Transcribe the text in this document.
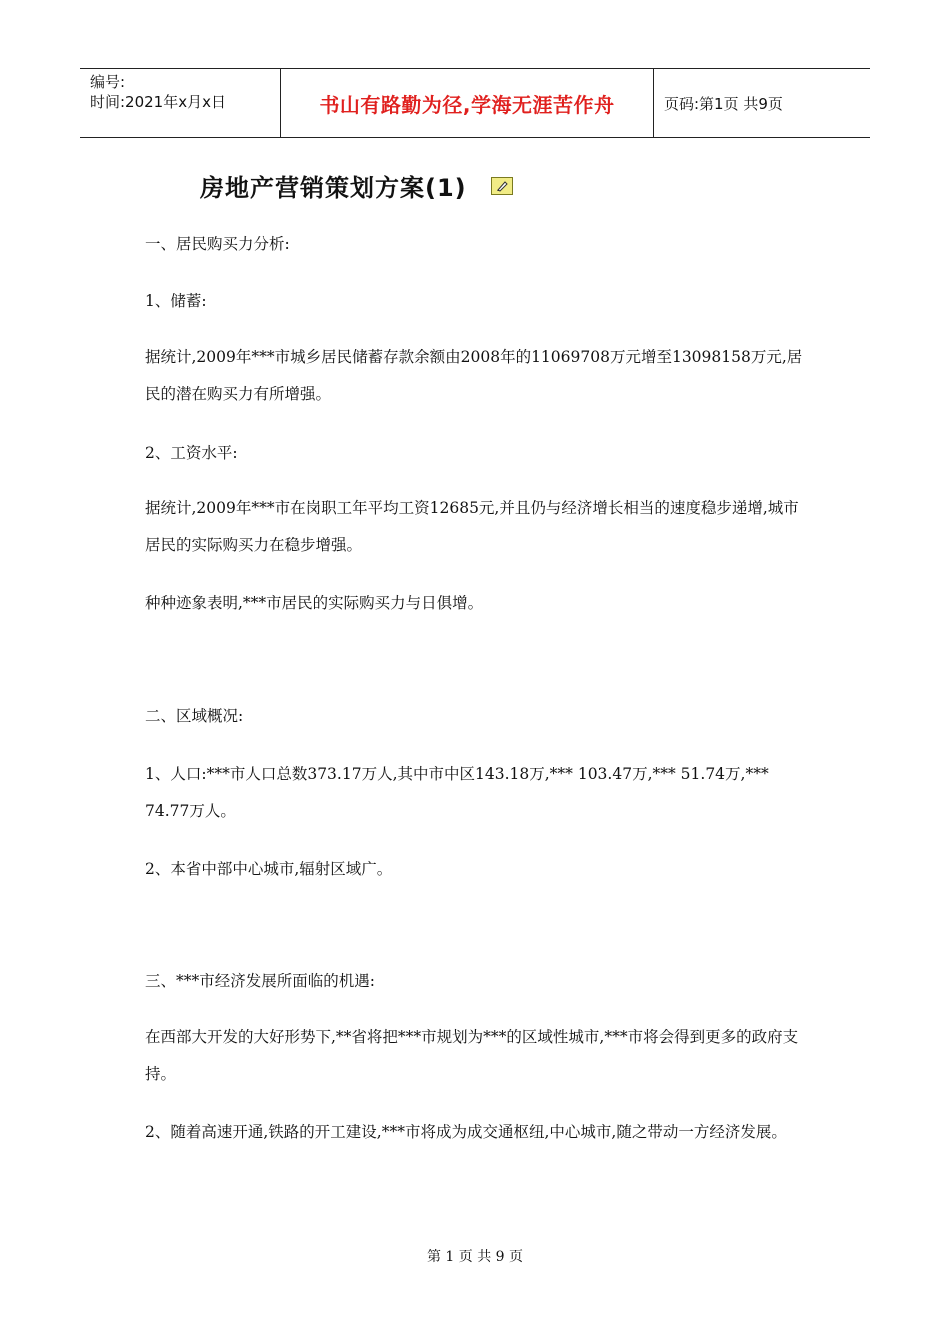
编号:
时间:2021年x月x日	书山有路勤为径,学海无涯苦作舟	页码:第1页 共9页
房地产营销策划方案(1)
一、居民购买力分析:
1、储蓄:
据统计,2009年***市城乡居民储蓄存款余额由2008年的11069708万元增至13098158万元,居民的潜在购买力有所增强。
2、工资水平:
据统计,2009年***市在岗职工年平均工资12685元,并且仍与经济增长相当的速度稳步递增,城市居民的实际购买力在稳步增强。
种种迹象表明,***市居民的实际购买力与日俱增。
二、区域概况:
1、人口:***市人口总数373.17万人,其中市中区143.18万,*** 103.47万,*** 51.74万,*** 74.77万人。
2、本省中部中心城市,辐射区域广。
三、***市经济发展所面临的机遇:
在西部大开发的大好形势下,**省将把***市规划为***的区域性城市,***市将会得到更多的政府支持。
2、随着高速开通,铁路的开工建设,***市将成为成交通枢纽,中心城市,随之带动一方经济发展。
第 1 页 共 9 页
